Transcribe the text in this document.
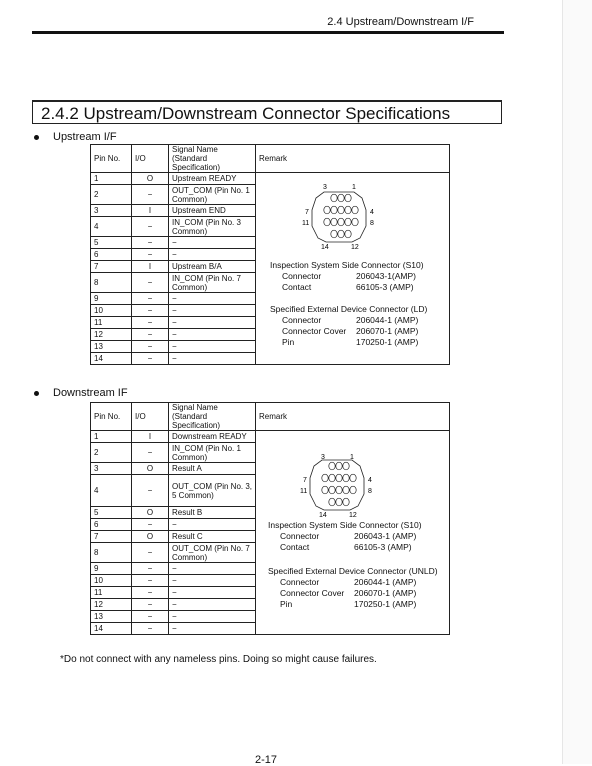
2.4 Upstream/Downstream I/F
2.4.2 Upstream/Downstream Connector Specifications
Upstream I/F
Pin No.	I/O	Signal Name (Standard Specification)	Remark
1	O	Upstream READY	
2	−	OUT_COM (Pin No. 1 Common)	
3	I	Upstream END	
4	−	IN_COM (Pin No. 3 Common)	
5	−	−	
6	−	−	
7	I	Upstream B/A	
8	−	IN_COM (Pin No. 7 Common)	
9	−	−	
10	−	−	
11	−	−	
12	−	−	
13	−	−	
14	−	−	
Downstream IF
Pin No.	I/O	Signal Name (Standard Specification)	Remark
1	I	Downstream READY	
2	−	IN_COM (Pin No. 1 Common)	
3	O	Result A	
4	−	OUT_COM (Pin No. 3, 5 Common)	
5	O	Result B	
6	−	−	
7	O	Result C	
8	−	OUT_COM (Pin No. 7 Common)	
9	−	−	
10	−	−	
11	−	−	
12	−	−	
13	−	−	
14	−	−	
3	1
7	4
11	8
14	12
3	1
7	4
11	8
14	12
Inspection System Side Connector (S10)
Connector	206043-1(AMP)
Contact	66105-3 (AMP)
Specified External Device Connector (LD)
Connector	206044-1 (AMP)
Connector Cover	206070-1 (AMP)
Pin	170250-1 (AMP)
Inspection System Side Connector (S10)
Connector	206043-1 (AMP)
Contact	66105-3 (AMP)
Specified External Device Connector (UNLD)
Connector	206044-1 (AMP)
Connector Cover	206070-1 (AMP)
Pin	170250-1 (AMP)
*Do not connect with any nameless pins. Doing so might cause failures.
2-17
